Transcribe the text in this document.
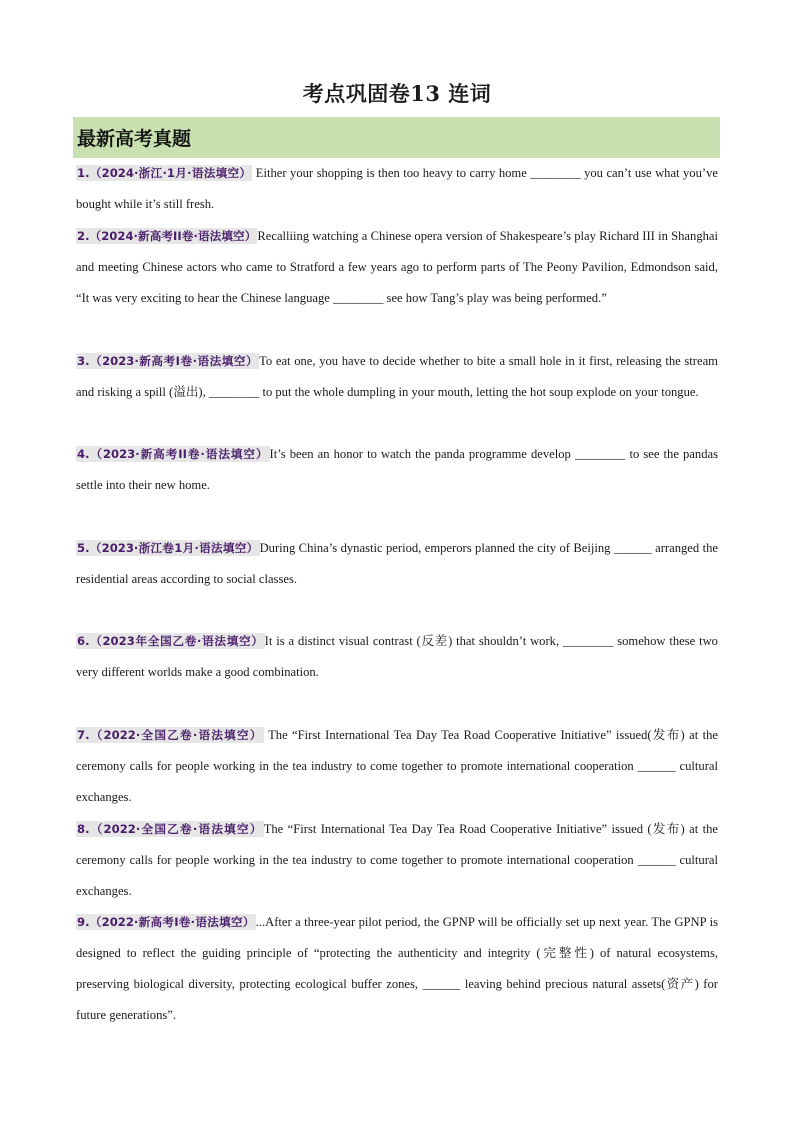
考点巩固卷13 连词
最新高考真题
1.（2024·浙江·1月·语法填空） Either your shopping is then too heavy to carry home ________ you can’t use what you’ve bought while it’s still fresh.
2.（2024·新高考II卷·语法填空）Recalliing watching a Chinese opera version of Shakespeare’s play Richard III in Shanghai and meeting Chinese actors who came to Stratford a few years ago to perform parts of The Peony Pavilion, Edmondson said, “It was very exciting to hear the Chinese language ________ see how Tang’s play was being performed.”
3.（2023·新高考I卷·语法填空）To eat one, you have to decide whether to bite a small hole in it first, releasing the stream and risking a spill (溢出), ________ to put the whole dumpling in your mouth, letting the hot soup explode on your tongue.
4.（2023·新高考II卷·语法填空）It’s been an honor to watch the panda programme develop ________ to see the pandas settle into their new home.
5.（2023·浙江卷1月·语法填空）During China’s dynastic period, emperors planned the city of Beijing ______ arranged the residential areas according to social classes.
6.（2023年全国乙卷·语法填空）It is a distinct visual contrast (反差) that shouldn’t work, ________ somehow these two very different worlds make a good combination.
7.（2022·全国乙卷·语法填空） The “First International Tea Day Tea Road Cooperative Initiative” issued(发布) at the ceremony calls for people working in the tea industry to come together to promote international cooperation ______ cultural exchanges.
8.（2022·全国乙卷·语法填空）The “First International Tea Day Tea Road Cooperative Initiative” issued (发布) at the ceremony calls for people working in the tea industry to come together to promote international cooperation ______ cultural exchanges.
9.（2022·新高考I卷·语法填空）...After a three-year pilot period, the GPNP will be officially set up next year. The GPNP is designed to reflect the guiding principle of “protecting the authenticity and integrity (完整性) of natural ecosystems, preserving biological diversity, protecting ecological buffer zones, ______ leaving behind precious natural assets(资产) for future generations”.
